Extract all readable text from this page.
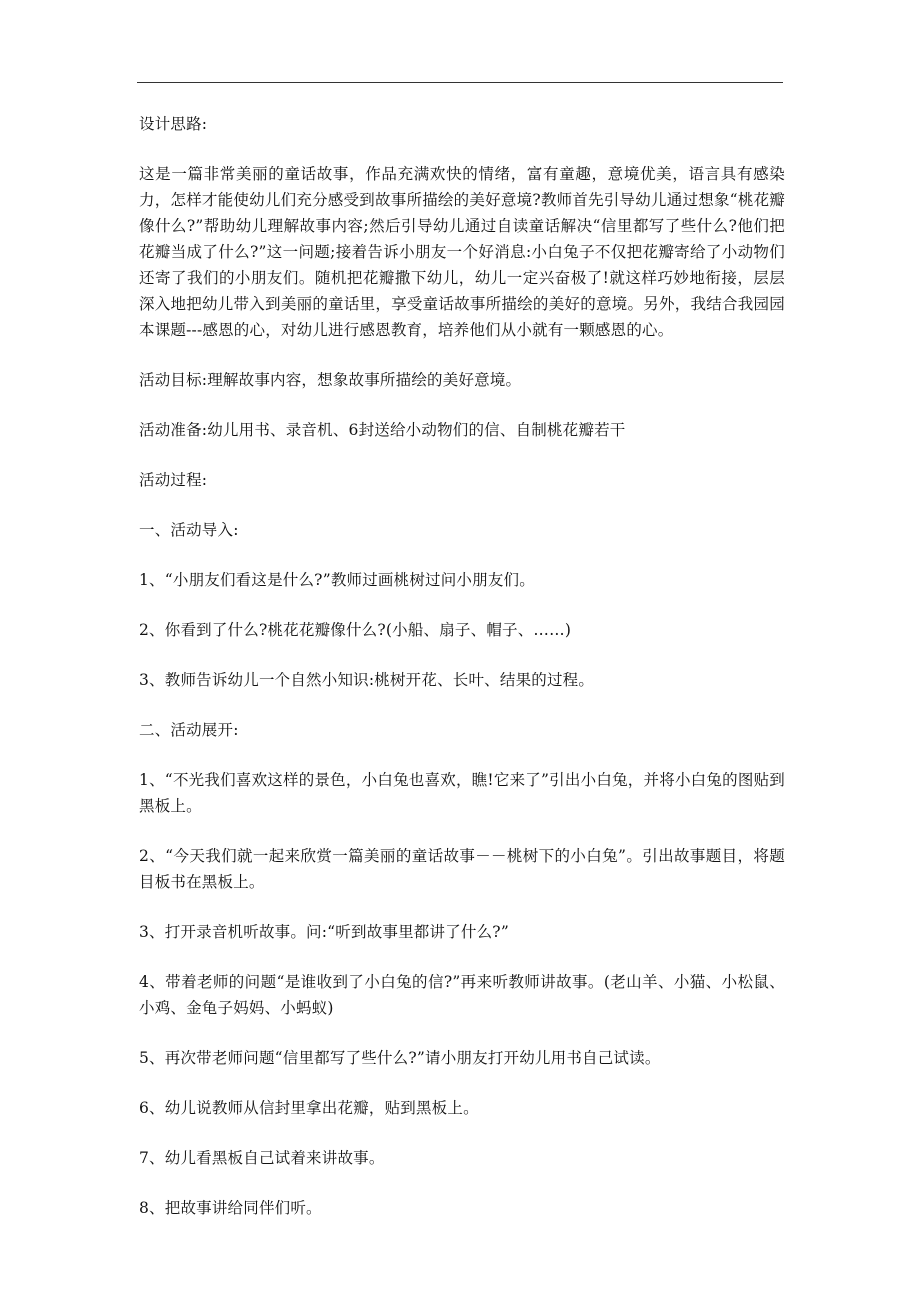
设计思路:

这是一篇非常美丽的童话故事，作品充满欢快的情绪，富有童趣，意境优美，语言具有感染力，怎样才能使幼儿们充分感受到故事所描绘的美好意境?教师首先引导幼儿通过想象“桃花瓣像什么?”帮助幼儿理解故事内容;然后引导幼儿通过自读童话解决“信里都写了些什么?他们把花瓣当成了什么?”这一问题;接着告诉小朋友一个好消息:小白兔子不仅把花瓣寄给了小动物们还寄了我们的小朋友们。随机把花瓣撒下幼儿，幼儿一定兴奋极了!就这样巧妙地衔接，层层深入地把幼儿带入到美丽的童话里，享受童话故事所描绘的美好的意境。另外，我结合我园园本课题---感恩的心，对幼儿进行感恩教育，培养他们从小就有一颗感恩的心。

活动目标:理解故事内容，想象故事所描绘的美好意境。

活动准备:幼儿用书、录音机、6封送给小动物们的信、自制桃花瓣若干

活动过程:

一、活动导入:

1、“小朋友们看这是什么?”教师过画桃树过问小朋友们。

2、你看到了什么?桃花花瓣像什么?(小船、扇子、帽子、……)

3、教师告诉幼儿一个自然小知识:桃树开花、长叶、结果的过程。

二、活动展开:

1、“不光我们喜欢这样的景色，小白兔也喜欢，瞧!它来了”引出小白兔，并将小白兔的图贴到黑板上。

2、“今天我们就一起来欣赏一篇美丽的童话故事－－桃树下的小白兔”。引出故事题目，将题目板书在黑板上。

3、打开录音机听故事。问:“听到故事里都讲了什么?”

4、带着老师的问题“是谁收到了小白兔的信?”再来听教师讲故事。(老山羊、小猫、小松鼠、小鸡、金龟子妈妈、小蚂蚁)

5、再次带老师问题“信里都写了些什么?”请小朋友打开幼儿用书自己试读。

6、幼儿说教师从信封里拿出花瓣，贴到黑板上。

7、幼儿看黑板自己试着来讲故事。

8、把故事讲给同伴们听。
